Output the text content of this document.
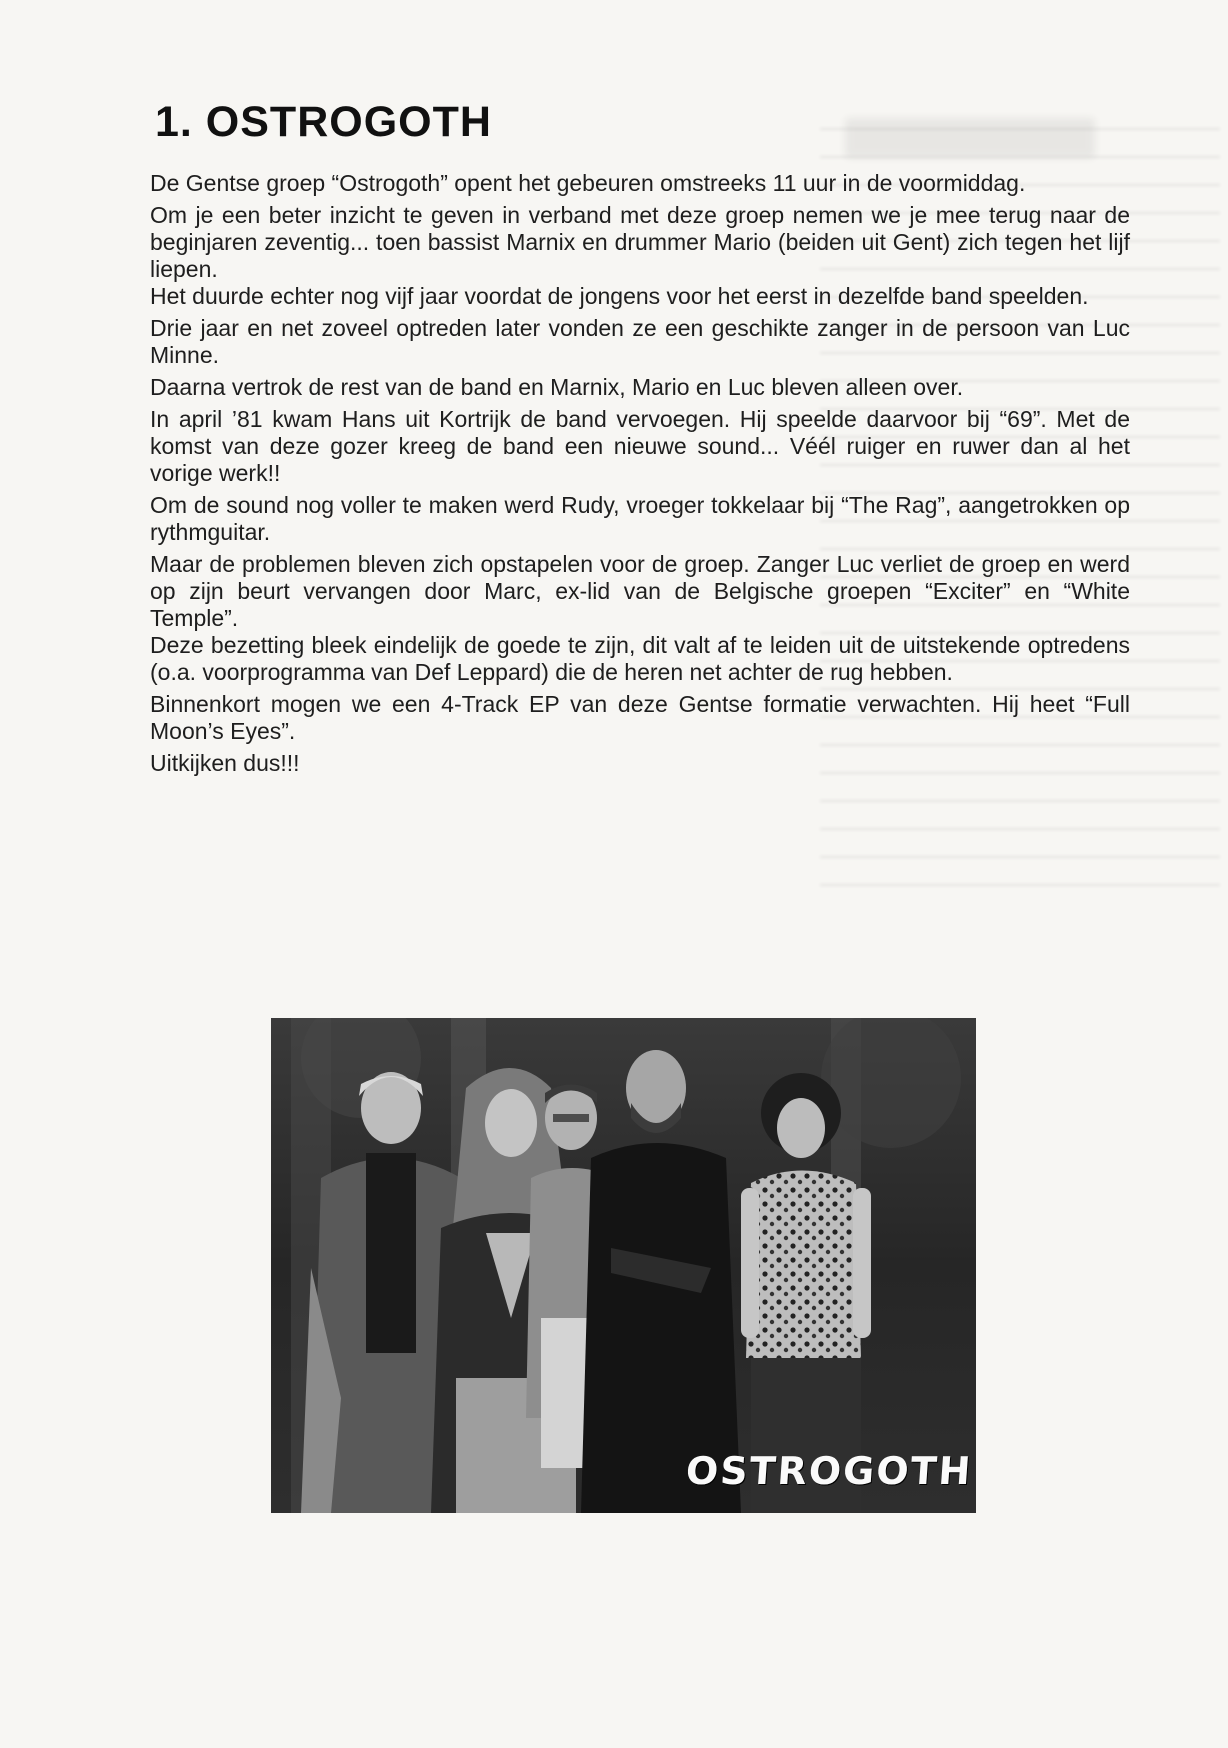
1. OSTROGOTH

De Gentse groep “Ostrogoth” opent het gebeuren omstreeks 11 uur in de voormiddag.

Om je een beter inzicht te geven in verband met deze groep nemen we je mee terug naar de beginjaren zeventig... toen bassist Marnix en drummer Mario (beiden uit Gent) zich tegen het lijf liepen.

Het duurde echter nog vijf jaar voordat de jongens voor het eerst in dezelfde band speelden.

Drie jaar en net zoveel optreden later vonden ze een geschikte zanger in de persoon van Luc Minne.

Daarna vertrok de rest van de band en Marnix, Mario en Luc bleven alleen over.

In april ’81 kwam Hans uit Kortrijk de band vervoegen. Hij speelde daarvoor bij “69”. Met de komst van deze gozer kreeg de band een nieuwe sound... Véél ruiger en ruwer dan al het vorige werk!!

Om de sound nog voller te maken werd Rudy, vroeger tokkelaar bij “The Rag”, aangetrokken op rythmguitar.

Maar de problemen bleven zich opstapelen voor de groep. Zanger Luc verliet de groep en werd op zijn beurt vervangen door Marc, ex-lid van de Belgische groepen “Exciter” en “White Temple”.

Deze bezetting bleek eindelijk de goede te zijn, dit valt af te leiden uit de uitstekende optredens (o.a. voorprogramma van Def Leppard) die de heren net achter de rug hebben.

Binnenkort mogen we een 4-Track EP van deze Gentse formatie verwachten. Hij heet “Full Moon’s Eyes”.

Uitkijken dus!!!

OSTROGOTH
